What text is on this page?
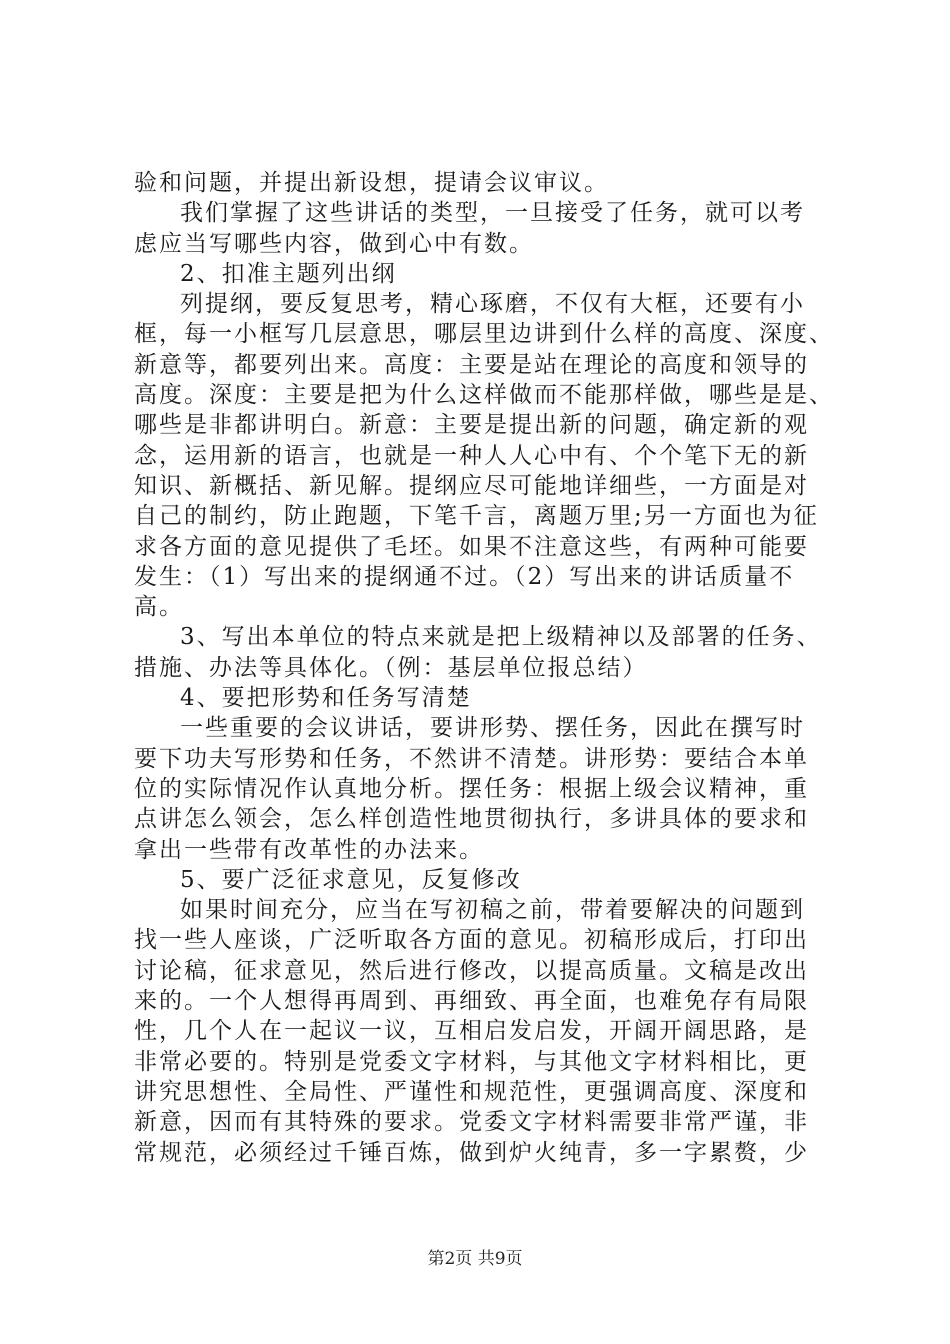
验和问题，并提出新设想，提请会议审议。
我们掌握了这些讲话的类型，一旦接受了任务，就可以考
虑应当写哪些内容，做到心中有数。
2、扣准主题列出纲
列提纲，要反复思考，精心琢磨，不仅有大框，还要有小
框，每一小框写几层意思，哪层里边讲到什么样的高度、深度、
新意等，都要列出来。高度：主要是站在理论的高度和领导的
高度。深度：主要是把为什么这样做而不能那样做，哪些是是、
哪些是非都讲明白。新意：主要是提出新的问题，确定新的观
念，运用新的语言，也就是一种人人心中有、个个笔下无的新
知识、新概括、新见解。提纲应尽可能地详细些，一方面是对
自己的制约，防止跑题，下笔千言，离题万里;另一方面也为征
求各方面的意见提供了毛坯。如果不注意这些，有两种可能要
发生：（1）写出来的提纲通不过。（2）写出来的讲话质量不
高。
3、写出本单位的特点来就是把上级精神以及部署的任务、
措施、办法等具体化。（例：基层单位报总结）
4、要把形势和任务写清楚
一些重要的会议讲话，要讲形势、摆任务，因此在撰写时
要下功夫写形势和任务，不然讲不清楚。讲形势：要结合本单
位的实际情况作认真地分析。摆任务：根据上级会议精神，重
点讲怎么领会，怎么样创造性地贯彻执行，多讲具体的要求和
拿出一些带有改革性的办法来。
5、要广泛征求意见，反复修改
如果时间充分，应当在写初稿之前，带着要解决的问题到
找一些人座谈，广泛听取各方面的意见。初稿形成后，打印出
讨论稿，征求意见，然后进行修改，以提高质量。文稿是改出
来的。一个人想得再周到、再细致、再全面，也难免存有局限
性，几个人在一起议一议，互相启发启发，开阔开阔思路，是
非常必要的。特别是党委文字材料，与其他文字材料相比，更
讲究思想性、全局性、严谨性和规范性，更强调高度、深度和
新意，因而有其特殊的要求。党委文字材料需要非常严谨，非
常规范，必须经过千锤百炼，做到炉火纯青，多一字累赘，少
第2页 共9页
